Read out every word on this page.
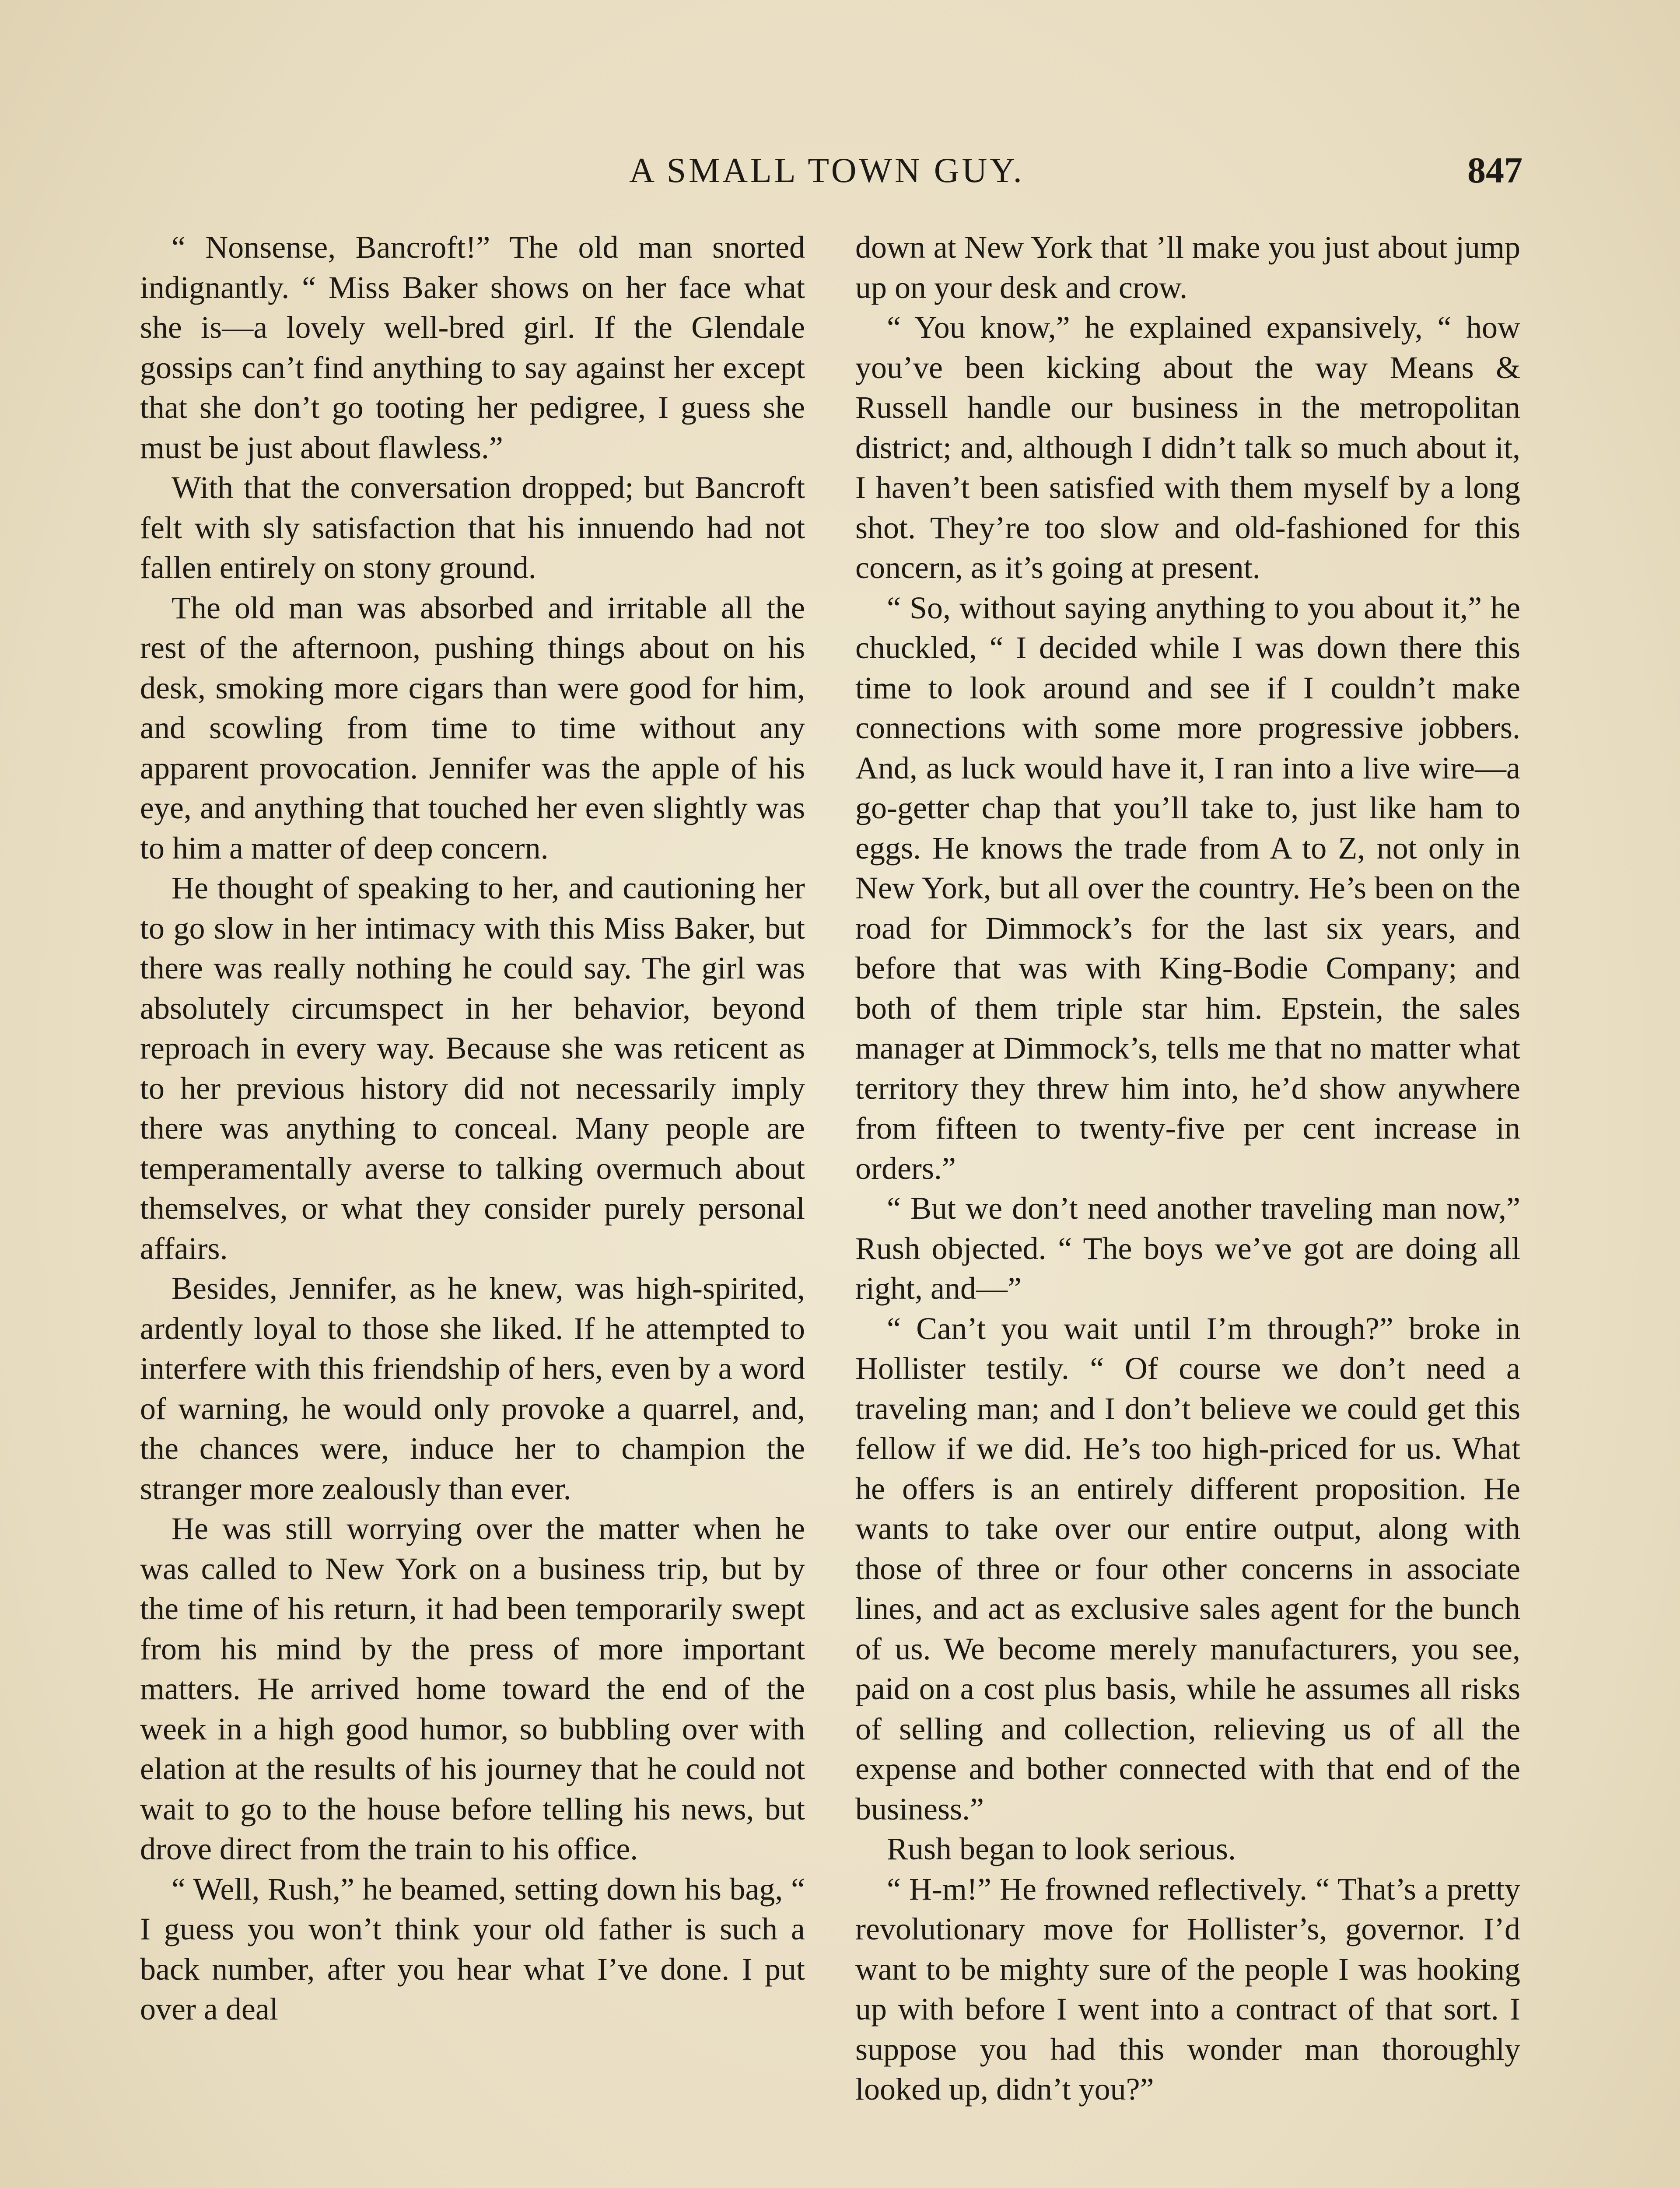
A SMALL TOWN GUY.	847

“ Nonsense, Bancroft!” The old man snorted indignantly. “ Miss Baker shows on her face what she is—a lovely well-bred girl. If the Glendale gossips can’t find anything to say against her except that she don’t go tooting her pedigree, I guess she must be just about flawless.”

With that the conversation dropped; but Bancroft felt with sly satisfaction that his innuendo had not fallen entirely on stony ground.

The old man was absorbed and irritable all the rest of the afternoon, pushing things about on his desk, smoking more cigars than were good for him, and scowling from time to time without any apparent provocation. Jennifer was the apple of his eye, and anything that touched her even slightly was to him a matter of deep concern.

He thought of speaking to her, and cautioning her to go slow in her intimacy with this Miss Baker, but there was really nothing he could say. The girl was absolutely circumspect in her behavior, beyond reproach in every way. Because she was reticent as to her previous history did not necessarily imply there was anything to conceal. Many people are temperamentally averse to talking overmuch about themselves, or what they consider purely personal affairs.

Besides, Jennifer, as he knew, was high-spirited, ardently loyal to those she liked. If he attempted to interfere with this friendship of hers, even by a word of warning, he would only provoke a quarrel, and, the chances were, induce her to champion the stranger more zealously than ever.

He was still worrying over the matter when he was called to New York on a business trip, but by the time of his return, it had been temporarily swept from his mind by the press of more important matters. He arrived home toward the end of the week in a high good humor, so bubbling over with elation at the results of his journey that he could not wait to go to the house before telling his news, but drove direct from the train to his office.

“ Well, Rush,” he beamed, setting down his bag, “ I guess you won’t think your old father is such a back number, after you hear what I’ve done. I put over a deal

down at New York that ’ll make you just about jump up on your desk and crow.

“ You know,” he explained expansively, “ how you’ve been kicking about the way Means & Russell handle our business in the metropolitan district; and, although I didn’t talk so much about it, I haven’t been satisfied with them myself by a long shot. They’re too slow and old-fashioned for this concern, as it’s going at present.

“ So, without saying anything to you about it,” he chuckled, “ I decided while I was down there this time to look around and see if I couldn’t make connections with some more progressive jobbers. And, as luck would have it, I ran into a live wire—a go-getter chap that you’ll take to, just like ham to eggs. He knows the trade from A to Z, not only in New York, but all over the country. He’s been on the road for Dimmock’s for the last six years, and before that was with King-Bodie Company; and both of them triple star him. Epstein, the sales manager at Dimmock’s, tells me that no matter what territory they threw him into, he’d show anywhere from fifteen to twenty-five per cent increase in orders.”

“ But we don’t need another traveling man now,” Rush objected. “ The boys we’ve got are doing all right, and—”

“ Can’t you wait until I’m through?” broke in Hollister testily. “ Of course we don’t need a traveling man; and I don’t believe we could get this fellow if we did. He’s too high-priced for us. What he offers is an entirely different proposition. He wants to take over our entire output, along with those of three or four other concerns in associate lines, and act as exclusive sales agent for the bunch of us. We become merely manufacturers, you see, paid on a cost plus basis, while he assumes all risks of selling and collection, relieving us of all the expense and bother connected with that end of the business.”

Rush began to look serious.

“ H-m!” He frowned reflectively. “ That’s a pretty revolutionary move for Hollister’s, governor. I’d want to be mighty sure of the people I was hooking up with before I went into a contract of that sort. I suppose you had this wonder man thoroughly looked up, didn’t you?”
